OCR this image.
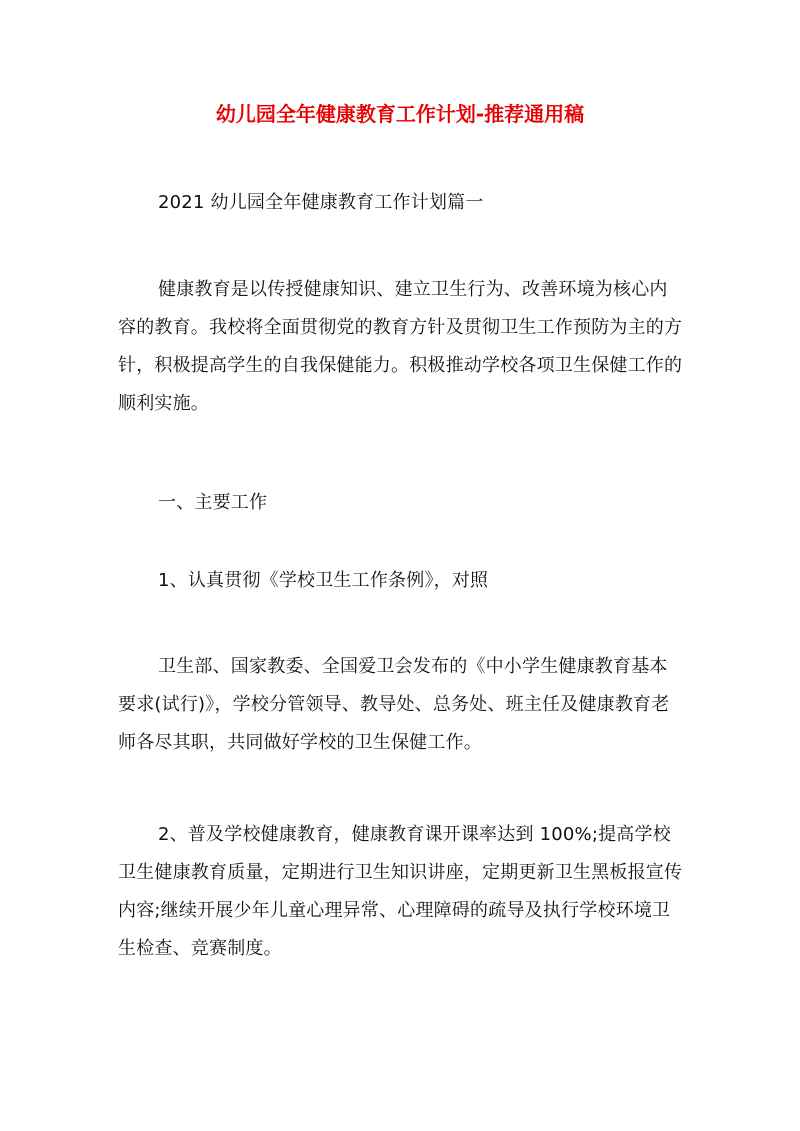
幼儿园全年健康教育工作计划-推荐通用稿

2021 幼儿园全年健康教育工作计划篇一

健康教育是以传授健康知识、建立卫生行为、改善环境为核心内容的教育。我校将全面贯彻党的教育方针及贯彻卫生工作预防为主的方针，积极提高学生的自我保健能力。积极推动学校各项卫生保健工作的顺利实施。

一、主要工作

1、认真贯彻《学校卫生工作条例》，对照

卫生部、国家教委、全国爱卫会发布的《中小学生健康教育基本要求(试行)》，学校分管领导、教导处、总务处、班主任及健康教育老师各尽其职，共同做好学校的卫生保健工作。

2、普及学校健康教育，健康教育课开课率达到 100%;提高学校卫生健康教育质量，定期进行卫生知识讲座，定期更新卫生黑板报宣传内容;继续开展少年儿童心理异常、心理障碍的疏导及执行学校环境卫生检查、竞赛制度。
